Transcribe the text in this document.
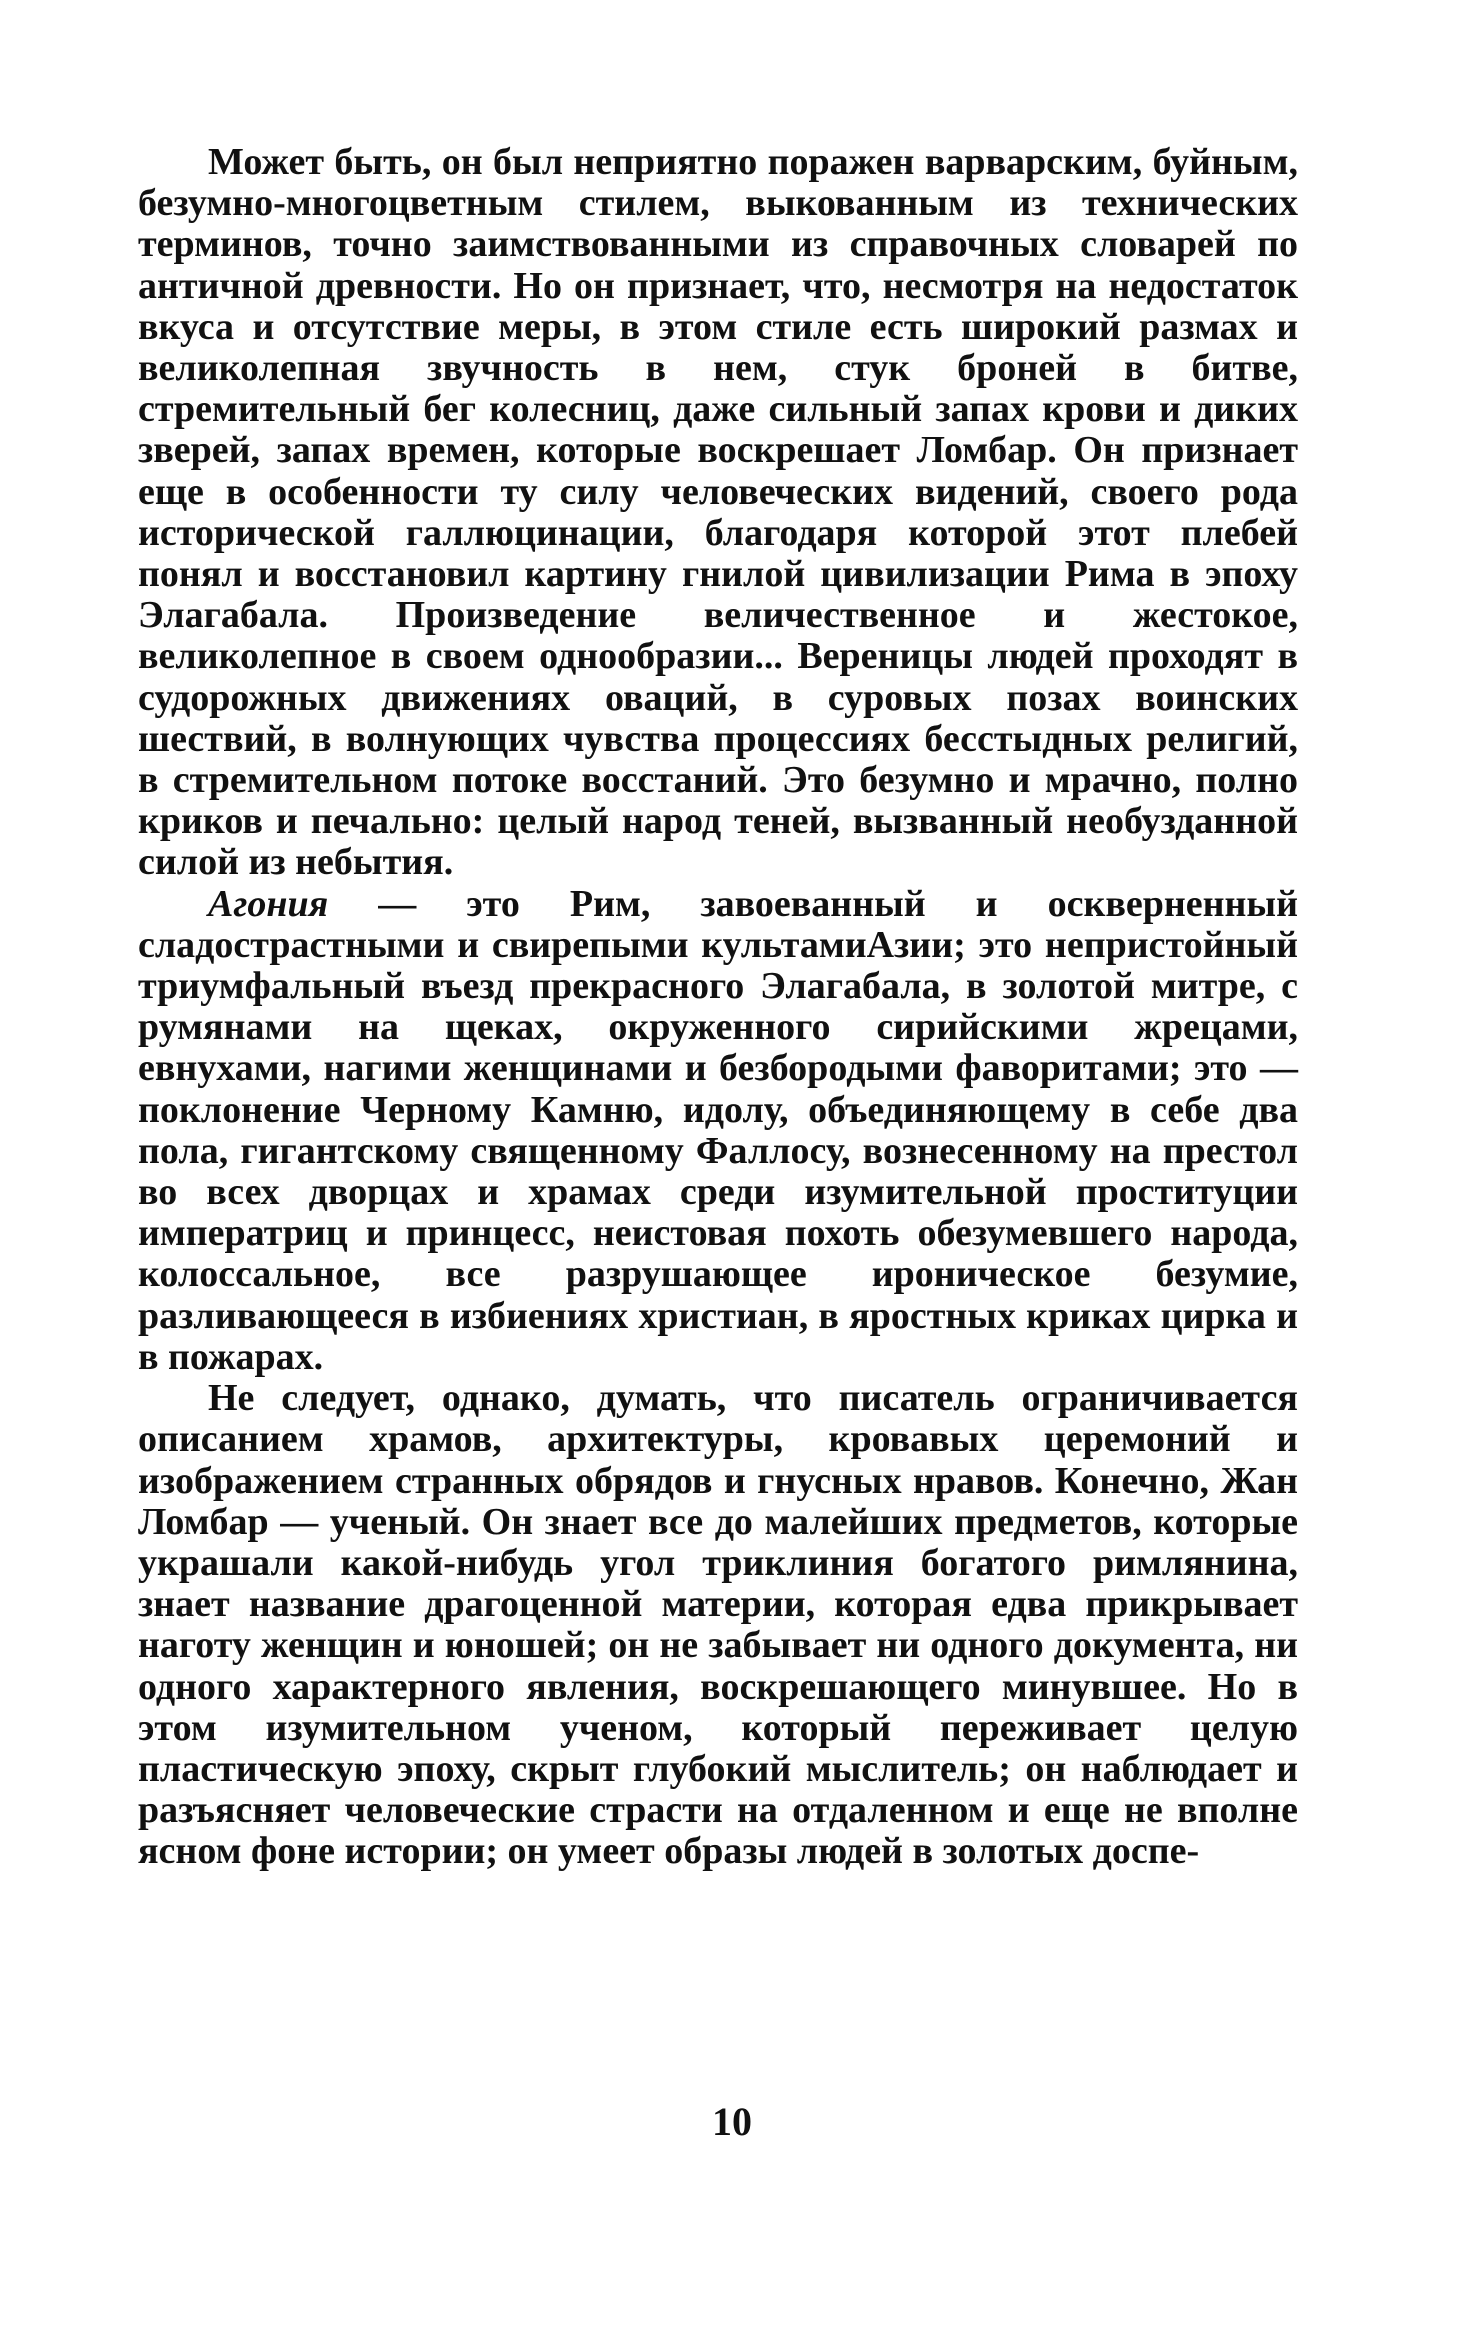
Может быть, он был неприятно поражен варварским, буйным, безумно-многоцветным стилем, выкованным из технических терминов, точно заимствованными из справочных словарей по античной древности. Но он признает, что, несмотря на недостаток вкуса и отсутствие меры, в этом стиле есть широкий размах и великолепная звучность в нем, стук броней в битве, стремительный бег колесниц, даже сильный запах крови и диких зверей, запах времен, которые воскрешает Ломбар. Он признает еще в особенности ту силу человеческих видений, своего рода исторической галлюцинации, благодаря которой этот плебей понял и восстановил картину гнилой цивилизации Рима в эпоху Элагабала. Произведение величественное и жестокое, великолепное в своем однообразии... Вереницы людей проходят в судорожных движениях оваций, в суровых позах воинских шествий, в волнующих чувства процессиях бесстыдных религий, в стремительном потоке восстаний. Это безумно и мрачно, полно криков и печально: целый народ теней, вызванный необузданной силой из небытия.

Агония — это Рим, завоеванный и оскверненный сладострастными и свирепыми культамиАзии; это непристойный триумфальный въезд прекрасного Элагабала, в золотой митре, с румянами на щеках, окруженного сирийскими жрецами, евнухами, нагими женщинами и безбородыми фаворитами; это — поклонение Черному Камню, идолу, объединяющему в себе два пола, гигантскому священному Фаллосу, вознесенному на престол во всех дворцах и храмах среди изумительной проституции императриц и принцесс, неистовая похоть обезумевшего народа, колоссальное, все разрушающее ироническое безумие, разливающееся в избиениях христиан, в яростных криках цирка и в пожарах.

Не следует, однако, думать, что писатель ограничивается описанием храмов, архитектуры, кровавых церемоний и изображением странных обрядов и гнусных нравов. Конечно, Жан Ломбар — ученый. Он знает все до малейших предметов, которые украшали какой-нибудь угол триклиния богатого римлянина, знает название драгоценной материи, которая едва прикрывает наготу женщин и юношей; он не забывает ни одного документа, ни одного характерного явления, воскрешающего минувшее. Но в этом изумительном ученом, который переживает целую пластическую эпоху, скрыт глубокий мыслитель; он наблюдает и разъясняет человеческие страсти на отдаленном и еще не вполне ясном фоне истории; он умеет образы людей в золотых доспе-

10
